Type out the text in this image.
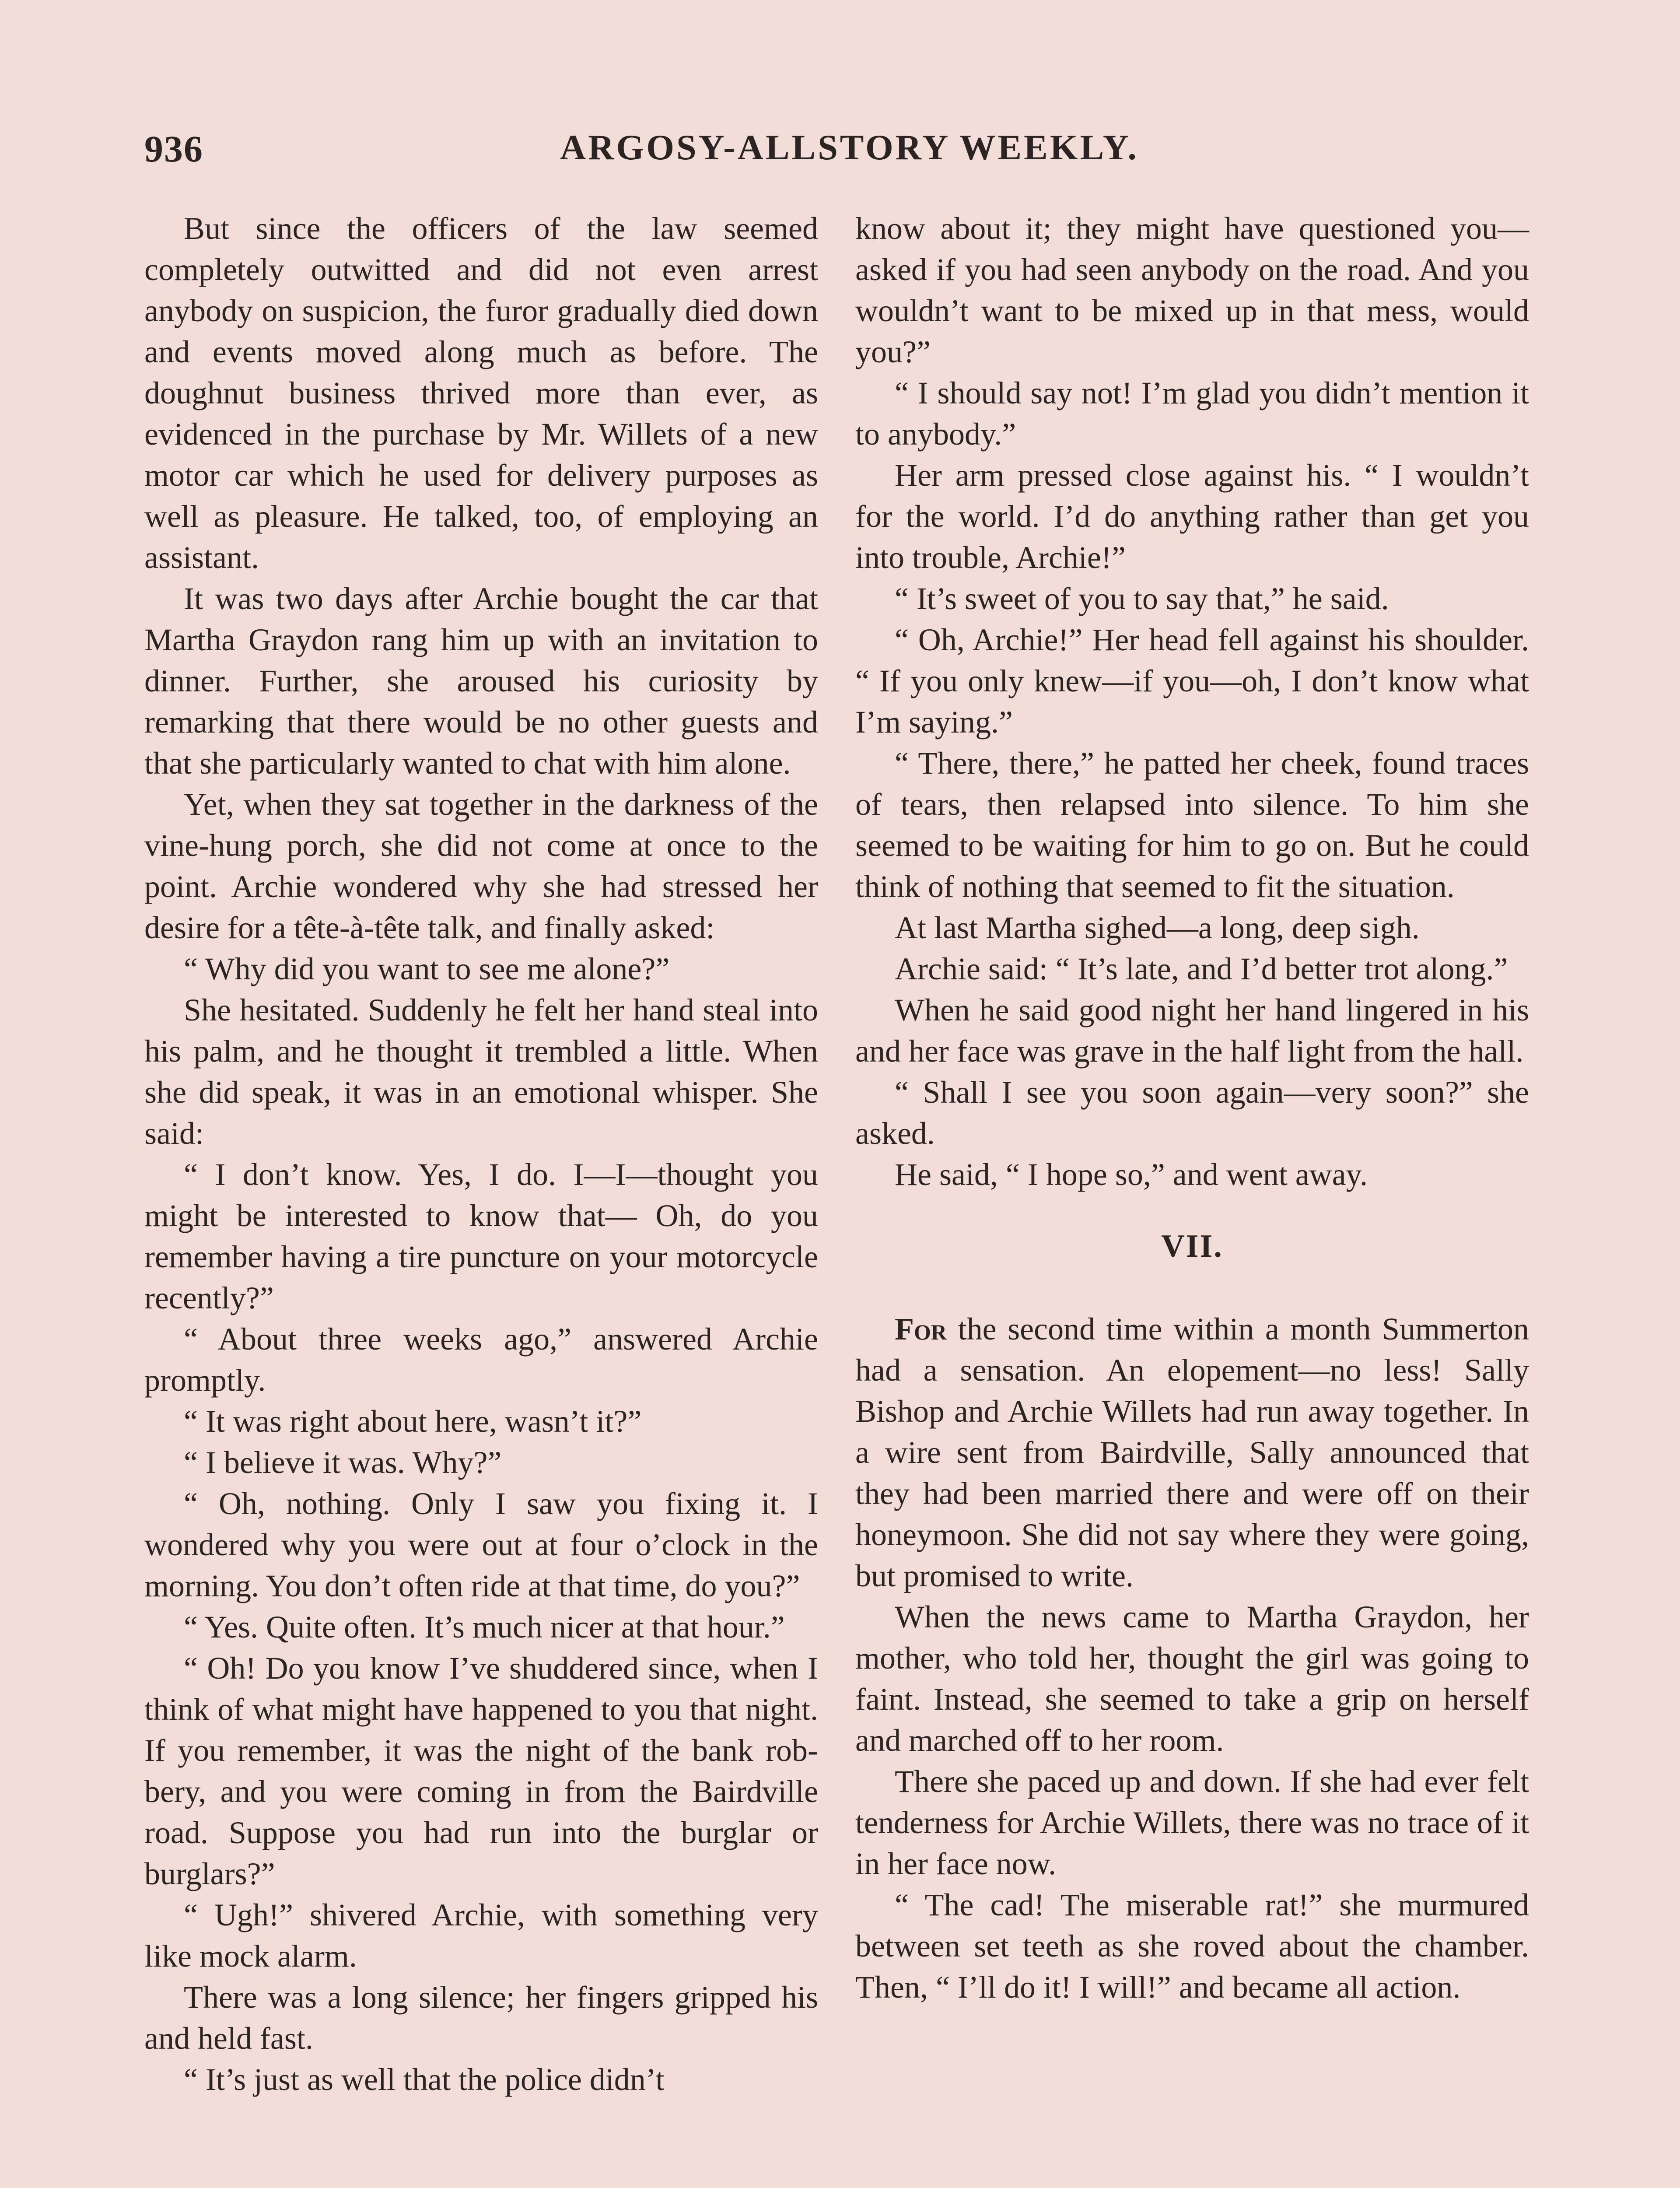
936	ARGOSY-ALLSTORY WEEKLY.

But since the officers of the law seemed completely outwitted and did not even arrest anybody on suspicion, the furor gradually died down and events moved along much as before. The doughnut business thrived more than ever, as evidenced in the purchase by Mr. Willets of a new motor car which he used for delivery purposes as well as pleasure. He talked, too, of employing an assistant.

It was two days after Archie bought the car that Martha Graydon rang him up with an invitation to dinner. Further, she aroused his curiosity by remarking that there would be no other guests and that she particularly wanted to chat with him alone.

Yet, when they sat together in the darkness of the vine-hung porch, she did not come at once to the point. Archie wondered why she had stressed her desire for a tête-à-tête talk, and finally asked:

“ Why did you want to see me alone?”

She hesitated. Suddenly he felt her hand steal into his palm, and he thought it trembled a little. When she did speak, it was in an emotional whisper. She said:

“ I don’t know. Yes, I do. I—I—thought you might be interested to know that— Oh, do you remember having a tire puncture on your motorcycle recently?”

“ About three weeks ago,” answered Archie promptly.

“ It was right about here, wasn’t it?”

“ I believe it was. Why?”

“ Oh, nothing. Only I saw you fixing it. I wondered why you were out at four o’clock in the morning. You don’t often ride at that time, do you?”

“ Yes. Quite often. It’s much nicer at that hour.”

“ Oh! Do you know I’ve shuddered since, when I think of what might have happened to you that night. If you remember, it was the night of the bank robbery, and you were coming in from the Bairdville road. Suppose you had run into the burglar or burglars?”

“ Ugh!” shivered Archie, with something very like mock alarm.

There was a long silence; her fingers gripped his and held fast.

“ It’s just as well that the police didn’t

know about it; they might have questioned you—asked if you had seen anybody on the road. And you wouldn’t want to be mixed up in that mess, would you?”

“ I should say not! I’m glad you didn’t mention it to anybody.”

Her arm pressed close against his. “ I wouldn’t for the world. I’d do anything rather than get you into trouble, Archie!”

“ It’s sweet of you to say that,” he said.

“ Oh, Archie!” Her head fell against his shoulder. “ If you only knew—if you—oh, I don’t know what I’m saying.”

“ There, there,” he patted her cheek, found traces of tears, then relapsed into silence. To him she seemed to be waiting for him to go on. But he could think of nothing that seemed to fit the situation.

At last Martha sighed—a long, deep sigh.

Archie said: “ It’s late, and I’d better trot along.”

When he said good night her hand lingered in his and her face was grave in the half light from the hall.

“ Shall I see you soon again—very soon?” she asked.

He said, “ I hope so,” and went away.

VII.

For the second time within a month Summerton had a sensation. An elopement—no less! Sally Bishop and Archie Willets had run away together. In a wire sent from Bairdville, Sally announced that they had been married there and were off on their honeymoon. She did not say where they were going, but promised to write.

When the news came to Martha Graydon, her mother, who told her, thought the girl was going to faint. Instead, she seemed to take a grip on herself and marched off to her room.

There she paced up and down. If she had ever felt tenderness for Archie Willets, there was no trace of it in her face now.

“ The cad! The miserable rat!” she murmured between set teeth as she roved about the chamber. Then, “ I’ll do it! I will!” and became all action.
